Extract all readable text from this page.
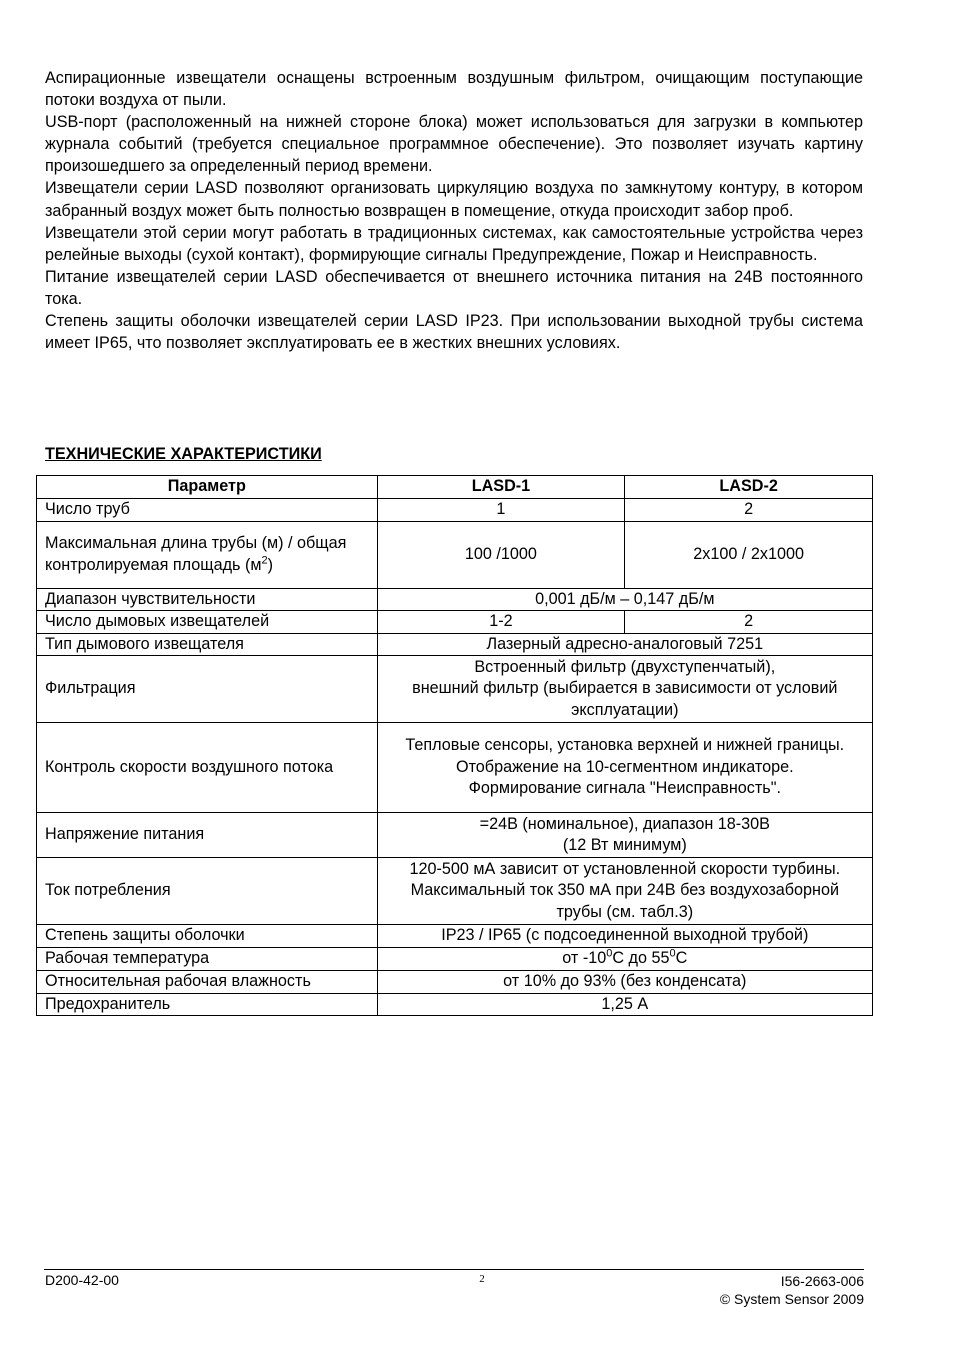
Аспирационные извещатели оснащены встроенным воздушным фильтром, очищающим поступающие потоки воздуха от пыли.

USB-порт (расположенный на нижней стороне блока) может использоваться для загрузки в компьютер журнала событий (требуется специальное программное обеспечение). Это позволяет изучать картину произошедшего за определенный период времени.

Извещатели серии LASD позволяют организовать циркуляцию воздуха по замкнутому контуру, в котором забранный воздух может быть полностью возвращен в помещение, откуда происходит забор проб.

Извещатели этой серии могут работать в традиционных системах, как самостоятельные устройства через релейные выходы (сухой контакт), формирующие сигналы Предупреждение, Пожар и Неисправность.

Питание извещателей серии LASD обеспечивается от внешнего источника питания на 24В постоянного тока.

Степень защиты оболочки извещателей серии LASD IP23. При использовании выходной трубы система имеет IP65, что позволяет эксплуатировать ее в жестких внешних условиях.

ТЕХНИЧЕСКИЕ ХАРАКТЕРИСТИКИ
Параметр	LASD-1	LASD-2
Число труб	1	2
Максимальная длина трубы (м) / общая контролируемая площадь $(м^2)$	100 /1000	2x100 / 2x1000
Диапазон чувствительности	0,001 дБ/м – 0,147 дБ/м	
Число дымовых извещателей	1-2	2
Тип дымового извещателя	Лазерный адресно-аналоговый 7251	
Фильтрация	Встроенный фильтр (двухступенчатый),
внешний фильтр (выбирается в зависимости от условий эксплуатации)	
Контроль скорости воздушного потока	Тепловые сенсоры, установка верхней и нижней границы.
Отображение на 10-сегментном индикаторе.
Формирование сигнала "Неисправность".	
Напряжение питания	=24В (номинальное), диапазон 18-30В
(12 Вт минимум)	
Ток потребления	120-500 мА зависит от установленной скорости турбины. Максимальный ток 350 мА при 24В без воздухозаборной трубы (см. табл.3)	
Степень защиты оболочки	IP23 / IP65 (с подсоединенной выходной трубой)	
Рабочая температура	от $-10^0С$ до $55^0С$	
Относительная рабочая влажность	от 10% до 93% (без конденсата)	
Предохранитель	1,25 А	
D200-42-00	2	I56-2663-006
© System Sensor 2009
